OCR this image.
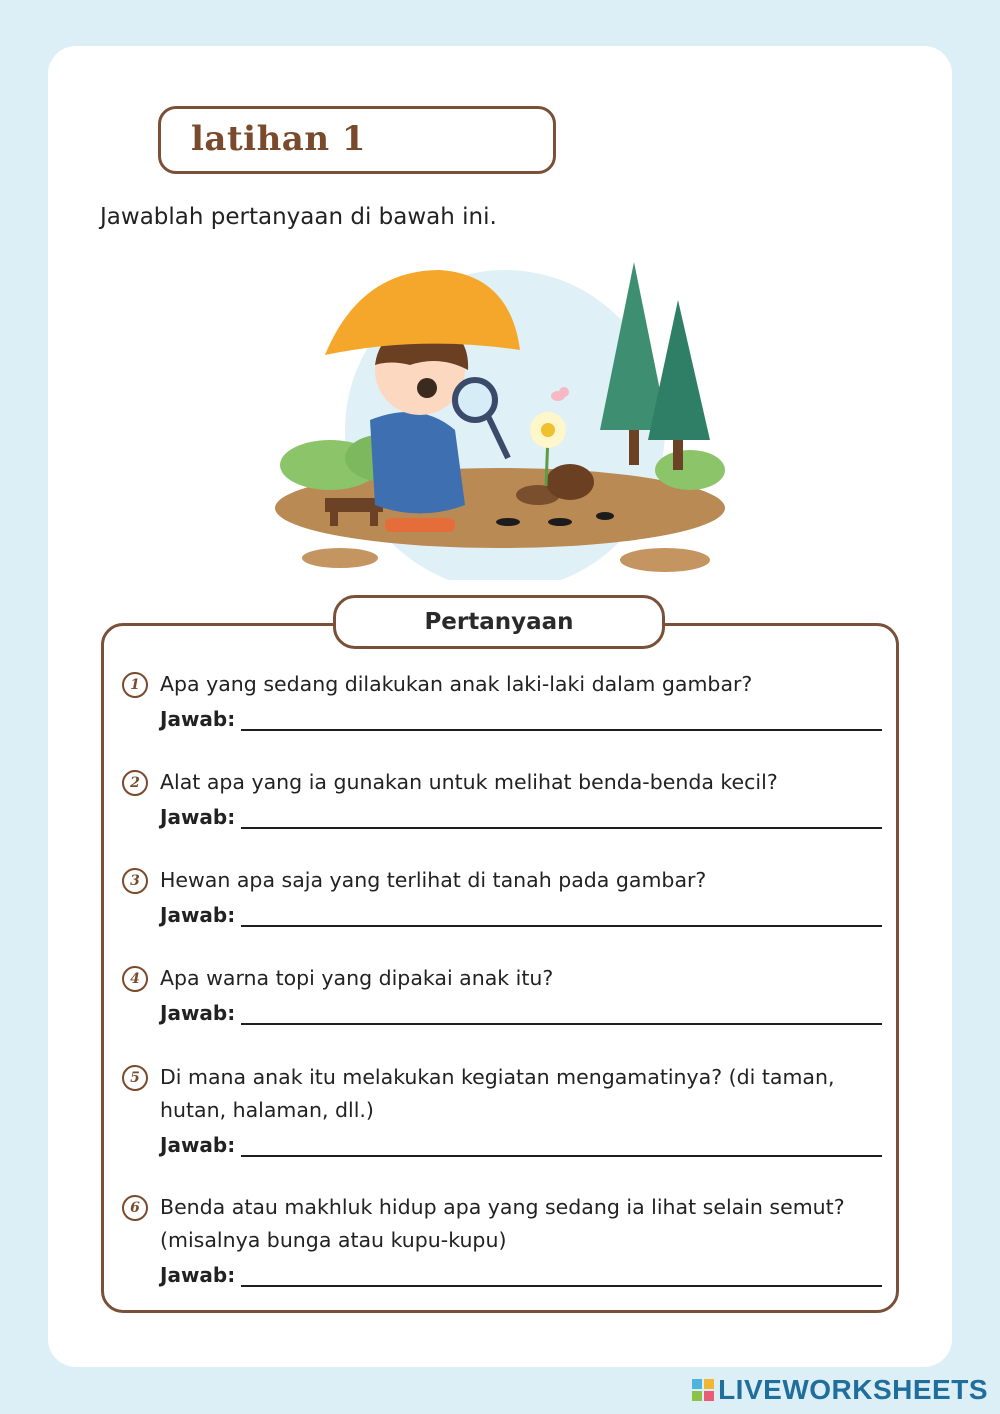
latihan 1
Jawablah pertanyaan di bawah ini.
Pertanyaan
1 Apa yang sedang dilakukan anak laki-laki dalam gambar?
Jawab:
2 Alat apa yang ia gunakan untuk melihat benda-benda kecil?
Jawab:
3 Hewan apa saja yang terlihat di tanah pada gambar?
Jawab:
4 Apa warna topi yang dipakai anak itu?
Jawab:
5 Di mana anak itu melakukan kegiatan mengamatinya? (di taman, hutan, halaman, dll.)
Jawab:
6 Benda atau makhluk hidup apa yang sedang ia lihat selain semut? (misalnya bunga atau kupu-kupu)
Jawab:
LIVEWORKSHEETS
